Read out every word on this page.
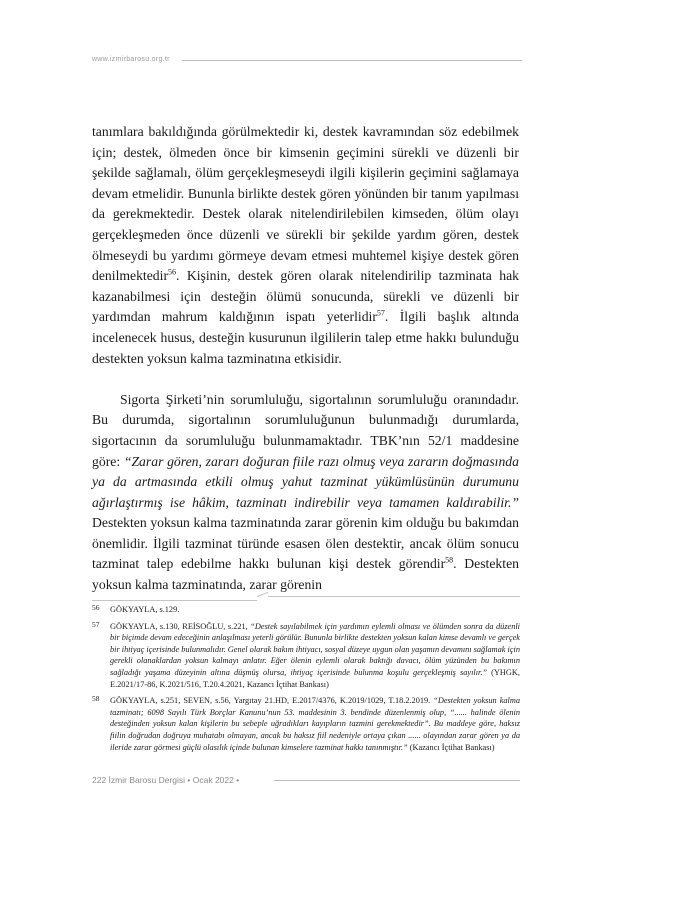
www.izmirbarosu.org.tr

tanımlara bakıldığında görülmektedir ki, destek kavramından söz edebilmek için; destek, ölmeden önce bir kimsenin geçimini sürekli ve düzenli bir şekilde sağlamalı, ölüm gerçekleşmeseydi ilgili kişilerin geçimini sağlamaya devam etmelidir. Bununla birlikte destek gören yönünden bir tanım yapılması da gerekmektedir. Destek olarak nitelendirilebilen kimseden, ölüm olayı gerçekleşmeden önce düzenli ve sürekli bir şekilde yardım gören, destek ölmeseydi bu yardımı görmeye devam etmesi muhtemel kişiye destek gören denilmektedir$^{56}$. Kişinin, destek gören olarak nitelendirilip tazminata hak kazanabilmesi için desteğin ölümü sonucunda, sürekli ve düzenli bir yardımdan mahrum kaldığının ispatı yeterlidir$^{57}$. İlgili başlık altında incelenecek husus, desteğin kusurunun ilgililerin talep etme hakkı bulunduğu destekten yoksun kalma tazminatına etkisidir.

Sigorta Şirketi’nin sorumluluğu, sigortalının sorumluluğu oranındadır. Bu durumda, sigortalının sorumluluğunun bulunmadığı durumlarda, sigortacının da sorumluluğu bulunmamaktadır. TBK’nın 52/1 maddesine göre: “Zarar gören, zararı doğuran fiile razı olmuş veya zararın doğmasında ya da artmasında etkili olmuş yahut tazminat yükümlüsünün durumunu ağırlaştırmış ise hâkim, tazminatı indirebilir veya tamamen kaldırabilir.” Destekten yoksun kalma tazminatında zarar görenin kim olduğu bu bakımdan önemlidir. İlgili tazminat türünde esasen ölen destektir, ancak ölüm sonucu tazminat talep edebilme hakkı bulunan kişi destek görendir$^{58}$. Destekten yoksun kalma tazminatında, zarar görenin

56 GÖKYAYLA, s.129.
57 GÖKYAYLA, s.130, REİSOĞLU, s.221, “Destek sayılabilmek için yardımın eylemli olması ve ölümden sonra da düzenli bir biçimde devam edeceğinin anlaşılması yeterli görülür. Bununla birlikte destekten yoksun kalan kimse devamlı ve gerçek bir ihtiyaç içerisinde bulunmalıdır. Genel olarak bakım ihtiyacı, sosyal düzeye uygun olan yaşamın devamını sağlamak için gerekli olanaklardan yoksun kalmayı anlatır. Eğer ölenin eylemli olarak baktığı davacı, ölüm yüzünden bu bakımın sağladığı yaşama düzeyinin altına düşmüş olursa, ihtiyaç içerisinde bulunma koşulu gerçekleşmiş sayılır.” (YHGK, E.2021/17-86, K.2021/516, T.20.4.2021, Kazancı İçtihat Bankası)
58 GÖKYAYLA, s.251, SEVEN, s.56, Yargıtay 21.HD, E.2017/4376, K.2019/1029, T.18.2.2019. “Destekten yoksun kalma tazminatı; 6098 Sayılı Türk Borçlar Kanunu’nun 53. maddesinin 3. bendinde düzenlenmiş olup, “...... halinde ölenin desteğinden yoksun kalan kişilerin bu sebeple uğradıkları kayıpların tazmini gerekmektedir”. Bu maddeye göre, haksız fiilin doğrudan doğruya muhatabı olmayan, ancak bu haksız fiil nedeniyle ortaya çıkan ...... olayından zarar gören ya da ileride zarar görmesi güçlü olasılık içinde bulunan kimselere tazminat hakkı tanınmıştır.” (Kazancı İçtihat Bankası)
222 İzmir Barosu Dergisi • Ocak 2022 •
